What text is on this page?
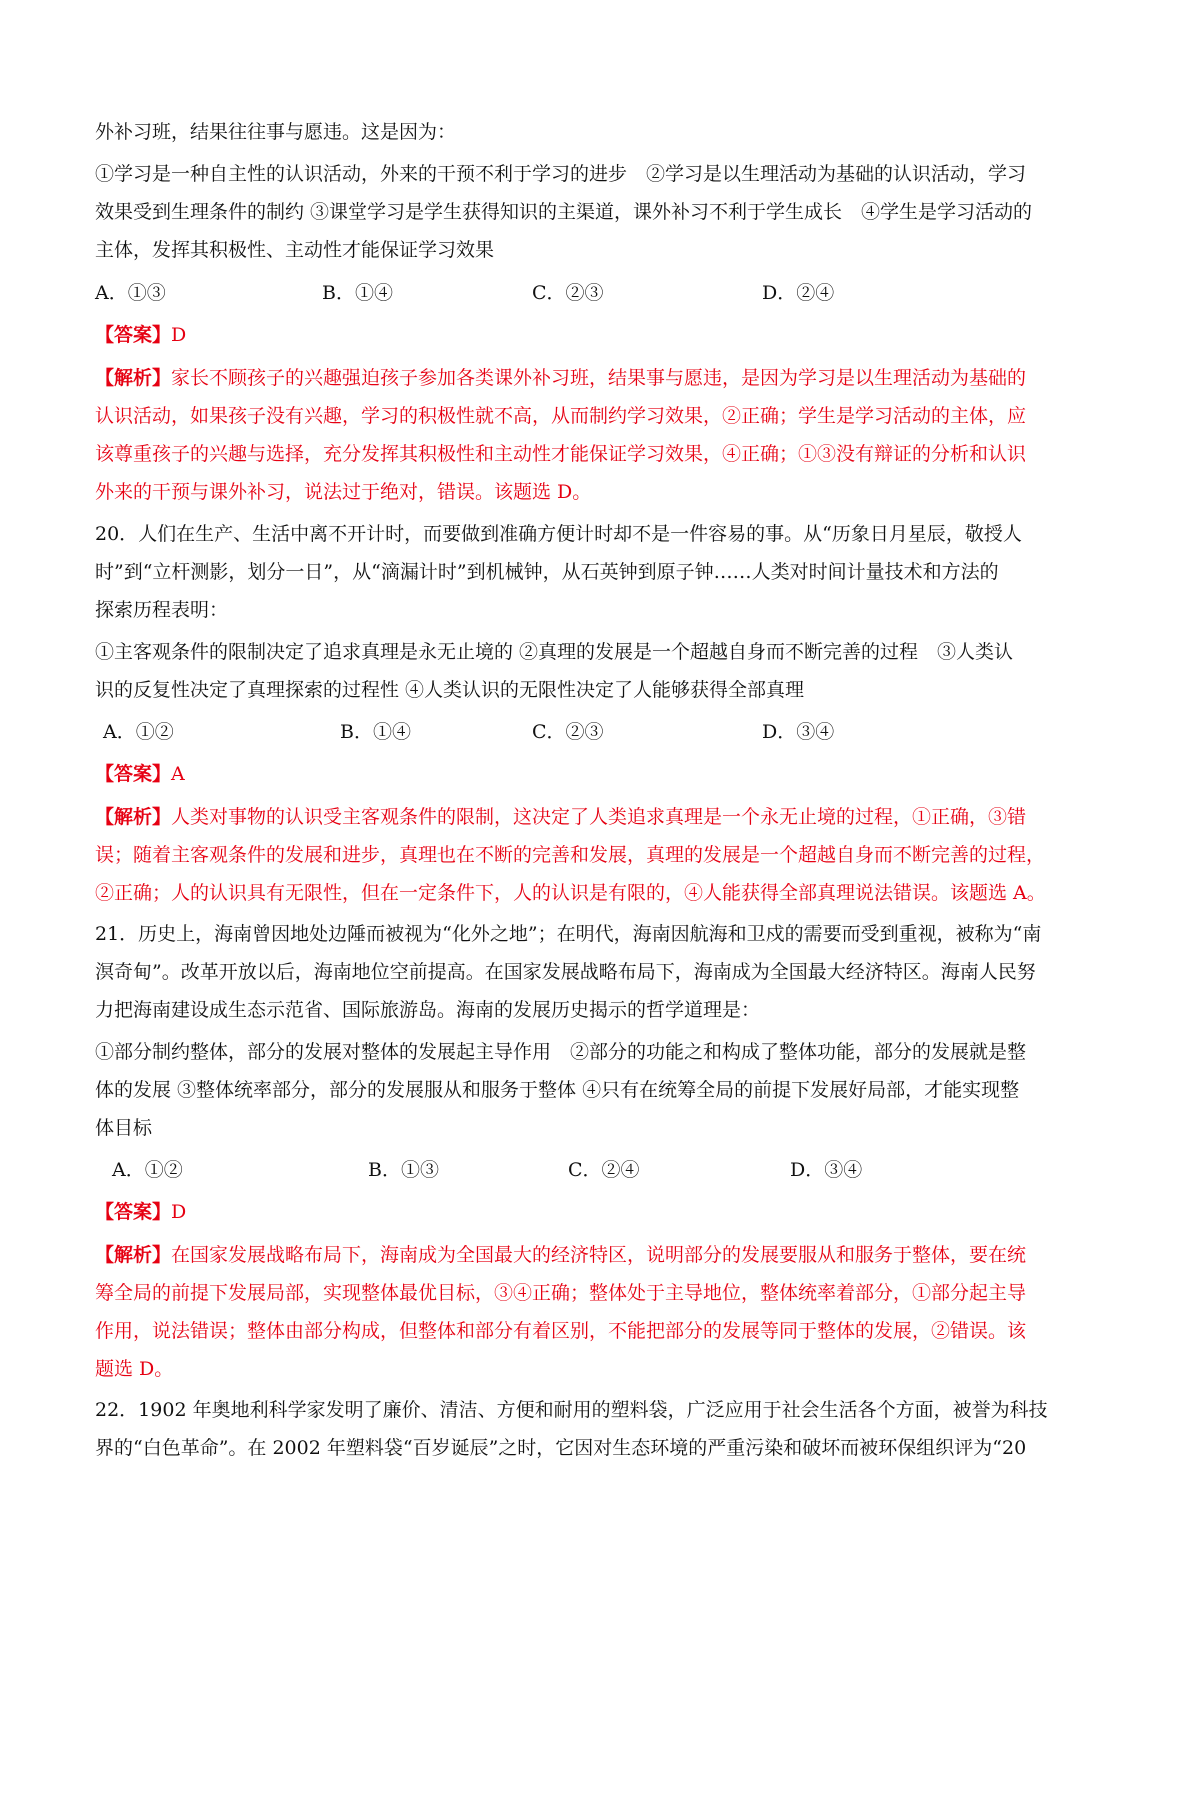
外补习班，结果往往事与愿违。这是因为：
①学习是一种自主性的认识活动，外来的干预不利于学习的进步　②学习是以生理活动为基础的认识活动，学习
效果受到生理条件的制约 ③课堂学习是学生获得知识的主渠道，课外补习不利于学生成长　④学生是学习活动的
主体，发挥其积极性、主动性才能保证学习效果
A．①③	B．①④	C．②③	D．②④
【答案】D
【解析】家长不顾孩子的兴趣强迫孩子参加各类课外补习班，结果事与愿违，是因为学习是以生理活动为基础的
认识活动，如果孩子没有兴趣，学习的积极性就不高，从而制约学习效果，②正确；学生是学习活动的主体，应
该尊重孩子的兴趣与选择，充分发挥其积极性和主动性才能保证学习效果，④正确；①③没有辩证的分析和认识
外来的干预与课外补习，说法过于绝对，错误。该题选 D。
20．人们在生产、生活中离不开计时，而要做到准确方便计时却不是一件容易的事。从“历象日月星辰，敬授人
时”到“立杆测影，划分一日”，从“滴漏计时”到机械钟，从石英钟到原子钟……人类对时间计量技术和方法的
探索历程表明：
①主客观条件的限制决定了追求真理是永无止境的 ②真理的发展是一个超越自身而不断完善的过程　③人类认
识的反复性决定了真理探索的过程性 ④人类认识的无限性决定了人能够获得全部真理
A．①②	B．①④	C．②③	D．③④
【答案】A
【解析】人类对事物的认识受主客观条件的限制，这决定了人类追求真理是一个永无止境的过程，①正确，③错
误；随着主客观条件的发展和进步，真理也在不断的完善和发展，真理的发展是一个超越自身而不断完善的过程，
②正确；人的认识具有无限性，但在一定条件下，人的认识是有限的，④人能获得全部真理说法错误。该题选 A。
21．历史上，海南曾因地处边陲而被视为“化外之地”；在明代，海南因航海和卫戍的需要而受到重视，被称为“南
溟奇甸”。改革开放以后，海南地位空前提高。在国家发展战略布局下，海南成为全国最大经济特区。海南人民努
力把海南建设成生态示范省、国际旅游岛。海南的发展历史揭示的哲学道理是：
①部分制约整体，部分的发展对整体的发展起主导作用　②部分的功能之和构成了整体功能，部分的发展就是整
体的发展 ③整体统率部分，部分的发展服从和服务于整体 ④只有在统筹全局的前提下发展好局部，才能实现整
体目标
A．①②	B．①③	C．②④	D．③④
【答案】D
【解析】在国家发展战略布局下，海南成为全国最大的经济特区，说明部分的发展要服从和服务于整体，要在统
筹全局的前提下发展局部，实现整体最优目标，③④正确；整体处于主导地位，整体统率着部分，①部分起主导
作用，说法错误；整体由部分构成，但整体和部分有着区别，不能把部分的发展等同于整体的发展，②错误。该
题选 D。
22．1902 年奥地利科学家发明了廉价、清洁、方便和耐用的塑料袋，广泛应用于社会生活各个方面，被誉为科技
界的“白色革命”。在 2002 年塑料袋“百岁诞辰”之时，它因对生态环境的严重污染和破坏而被环保组织评为“20
